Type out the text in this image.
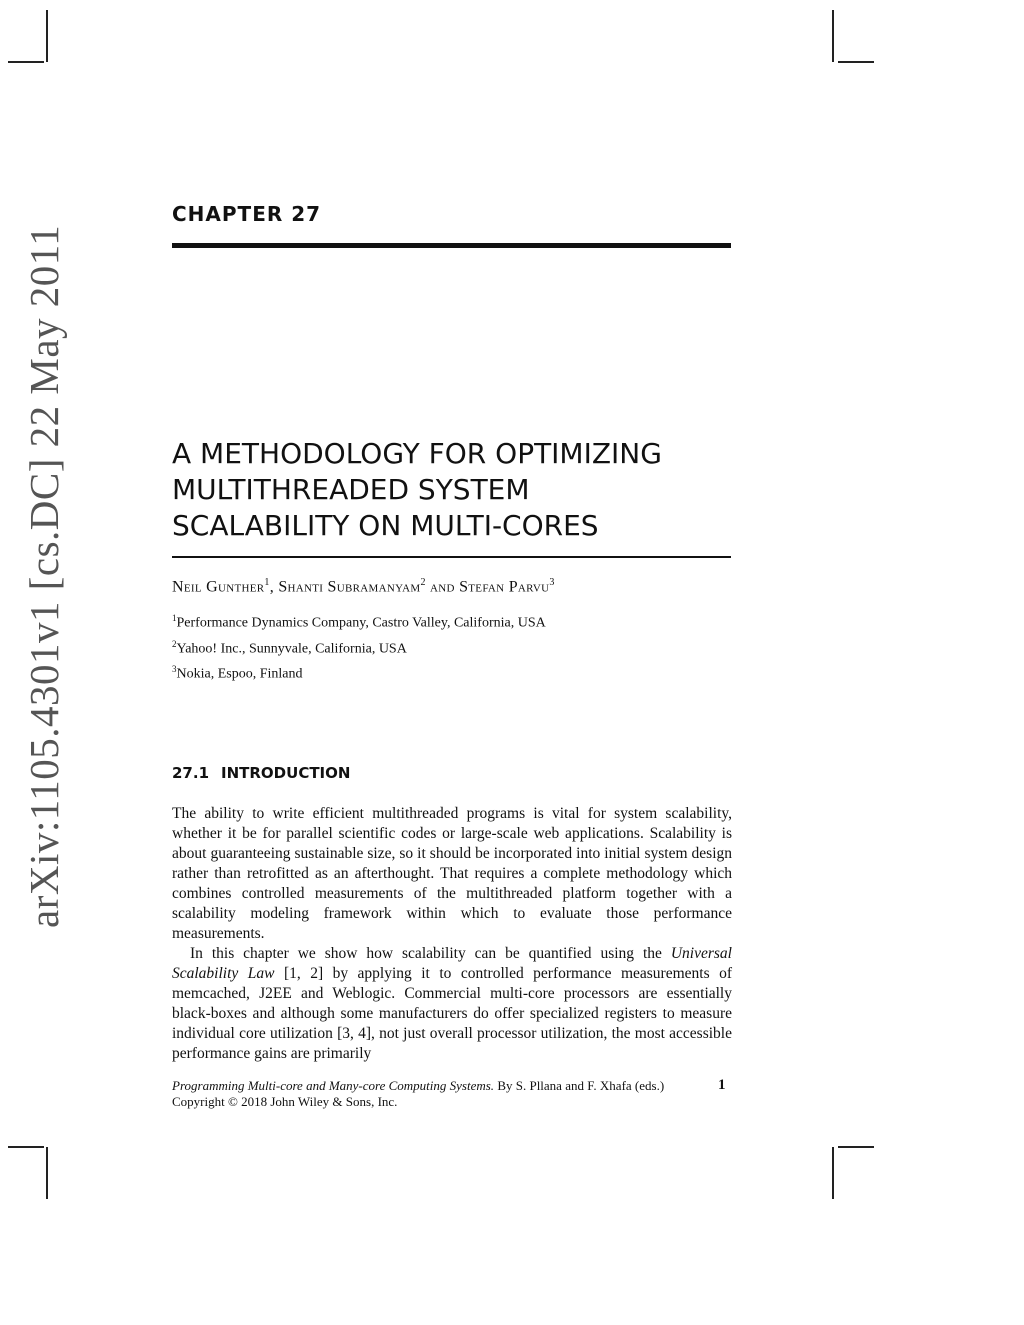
arXiv:1105.4301v1 [cs.DC] 22 May 2011
CHAPTER 27
A METHODOLOGY FOR OPTIMIZING
MULTITHREADED SYSTEM
SCALABILITY ON MULTI-CORES
Neil Gunther$^1$, Shanti Subramanyam$^2$ and Stefan Parvu$^3$
$^1$Performance Dynamics Company, Castro Valley, California, USA
$^2$Yahoo! Inc., Sunnyvale, California, USA
$^3$Nokia, Espoo, Finland
27.1 INTRODUCTION

The ability to write efficient multithreaded programs is vital for system scalability, whether it be for parallel scientific codes or large-scale web applications. Scalability is about guaranteeing sustainable size, so it should be incorporated into initial system design rather than retrofitted as an afterthought. That requires a complete methodology which combines controlled measurements of the multithreaded platform together with a scalability modeling framework within which to evaluate those performance measurements.

In this chapter we show how scalability can be quantified using the Universal Scalability Law [1, 2] by applying it to controlled performance measurements of memcached, J2EE and Weblogic. Commercial multi-core processors are essentially black-boxes and although some manufacturers do offer specialized registers to measure individual core utilization [3, 4], not just overall processor utilization, the most accessible performance gains are primarily

Programming Multi-core and Many-core Computing Systems. By S. Pllana and F. Xhafa (eds.)
Copyright © 2018 John Wiley & Sons, Inc.
1
